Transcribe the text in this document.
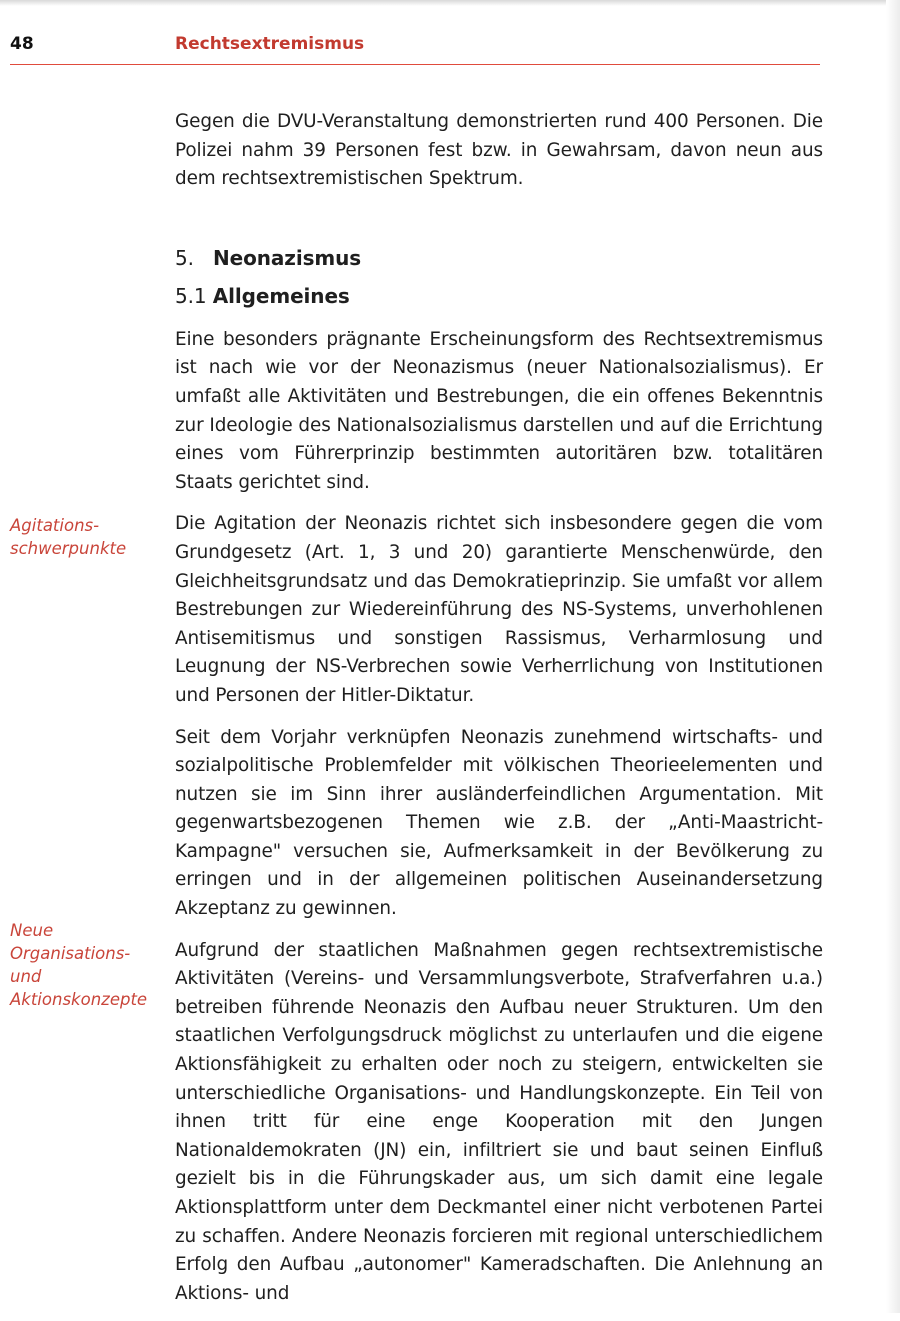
48	Rechtsextremismus
Agitations-schwerpunkte
Neue Organisations- und Aktionskonzepte

Gegen die DVU-Veranstaltung demonstrierten rund 400 Personen. Die Polizei nahm 39 Personen fest bzw. in Gewahrsam, davon neun aus dem rechtsextremistischen Spektrum.

5. Neonazismus
5.1 Allgemeines

Eine besonders prägnante Erscheinungsform des Rechtsextremismus ist nach wie vor der Neonazismus (neuer Nationalsozialismus). Er umfaßt alle Aktivitäten und Bestrebungen, die ein offenes Bekenntnis zur Ideologie des Nationalsozialismus darstellen und auf die Errichtung eines vom Führerprinzip bestimmten autoritären bzw. totalitären Staats gerichtet sind.

Die Agitation der Neonazis richtet sich insbesondere gegen die vom Grundgesetz (Art. 1, 3 und 20) garantierte Menschenwürde, den Gleichheitsgrundsatz und das Demokratieprinzip. Sie umfaßt vor allem Bestrebungen zur Wiedereinführung des NS-Systems, unverhohlenen Antisemitismus und sonstigen Rassismus, Verharmlosung und Leugnung der NS-Verbrechen sowie Verherrlichung von Institutionen und Personen der Hitler-Diktatur.

Seit dem Vorjahr verknüpfen Neonazis zunehmend wirtschafts- und sozialpolitische Problemfelder mit völkischen Theorieelementen und nutzen sie im Sinn ihrer ausländerfeindlichen Argumentation. Mit gegenwartsbezogenen Themen wie z.B. der „Anti-Maastricht-Kampagne" versuchen sie, Aufmerksamkeit in der Bevölkerung zu erringen und in der allgemeinen politischen Auseinandersetzung Akzeptanz zu gewinnen.

Aufgrund der staatlichen Maßnahmen gegen rechtsextremistische Aktivitäten (Vereins- und Versammlungsverbote, Strafverfahren u.a.) betreiben führende Neonazis den Aufbau neuer Strukturen. Um den staatlichen Verfolgungsdruck möglichst zu unterlaufen und die eigene Aktionsfähigkeit zu erhalten oder noch zu steigern, entwickelten sie unterschiedliche Organisations- und Handlungskonzepte. Ein Teil von ihnen tritt für eine enge Kooperation mit den Jungen Nationaldemokraten (JN) ein, infiltriert sie und baut seinen Einfluß gezielt bis in die Führungskader aus, um sich damit eine legale Aktionsplattform unter dem Deckmantel einer nicht verbotenen Partei zu schaffen. Andere Neonazis forcieren mit regional unterschiedlichem Erfolg den Aufbau „autonomer" Kameradschaften. Die Anlehnung an Aktions- und
